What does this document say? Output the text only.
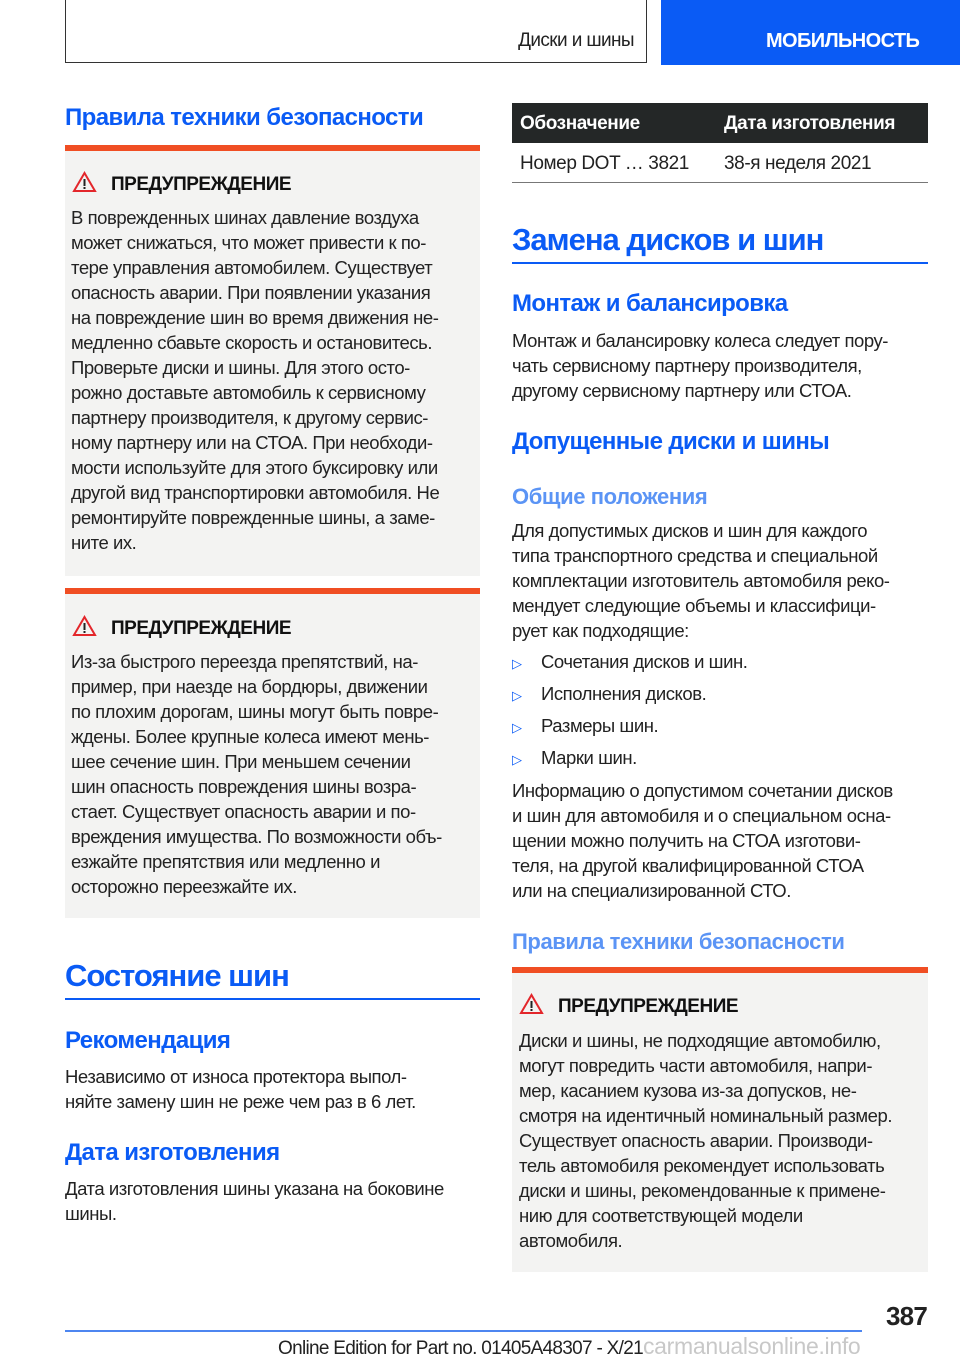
Диски и шины	МОБИЛЬНОСТЬ
Правила техники безопасности
ПРЕДУПРЕЖДЕНИЕ
В поврежденных шинах давление воздуха
может снижаться, что может привести к по-
тере управления автомобилем. Существует
опасность аварии. При появлении указания
на повреждение шин во время движения не-
медленно сбавьте скорость и остановитесь.
Проверьте диски и шины. Для этого осто-
рожно доставьте автомобиль к сервисному
партнеру производителя, к другому сервис-
ному партнеру или на СТОА. При необходи-
мости используйте для этого буксировку или
другой вид транспортировки автомобиля. Не
ремонтируйте поврежденные шины, а заме-
ните их.
ПРЕДУПРЕЖДЕНИЕ
Из-за быстрого переезда препятствий, на-
пример, при наезде на бордюры, движении
по плохим дорогам, шины могут быть повре-
ждены. Более крупные колеса имеют мень-
шее сечение шин. При меньшем сечении
шин опасность повреждения шины возра-
стает. Существует опасность аварии и по-
вреждения имущества. По возможности объ-
езжайте препятствия или медленно и
осторожно переезжайте их.
Состояние шин
Рекомендация
Независимо от износа протектора выпол-
няйте замену шин не реже чем раз в 6 лет.
Дата изготовления
Дата изготовления шины указана на боковине
шины.
Обозначение	Дата изготовления
Номер DOT … 3821 38-я неделя 2021
Замена дисков и шин
Монтаж и балансировка
Монтаж и балансировку колеса следует пору-
чать сервисному партнеру производителя,
другому сервисному партнеру или СТОА.
Допущенные диски и шины
Общие положения
Для допустимых дисков и шин для каждого
типа транспортного средства и специальной
комплектации изготовитель автомобиля реко-
мендует следующие объемы и классифици-
рует как подходящие:
▷ Сочетания дисков и шин.
▷ Исполнения дисков.
▷ Размеры шин.
▷ Марки шин.
Информацию о допустимом сочетании дисков
и шин для автомобиля и о специальном осна-
щении можно получить на СТОА изготови-
теля, на другой квалифицированной СТОА
или на специализированной СТО.
Правила техники безопасности
ПРЕДУПРЕЖДЕНИЕ
Диски и шины, не подходящие автомобилю,
могут повредить части автомобиля, напри-
мер, касанием кузова из-за допусков, не-
смотря на идентичный номинальный размер.
Существует опасность аварии. Производи-
тель автомобиля рекомендует использовать
диски и шины, рекомендованные к примене-
нию для соответствующей модели
автомобиля.
387
Online Edition for Part no. 01405A48307 - X/21carmanualsonline.info
